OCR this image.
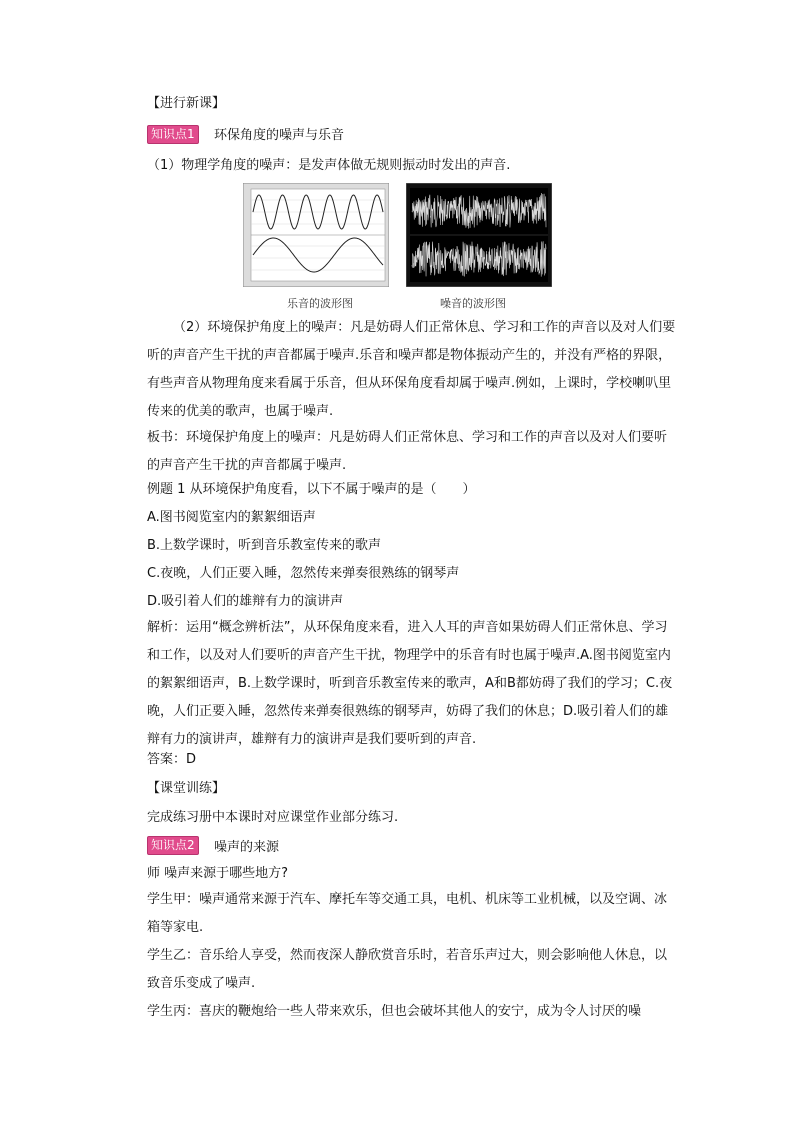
【进行新课】
知识点1	环保角度的噪声与乐音
（1）物理学角度的噪声：是发声体做无规则振动时发出的声音.
乐音的波形图	噪音的波形图
（2）环境保护角度上的噪声：凡是妨碍人们正常休息、学习和工作的声音以及对人们要听的声音产生干扰的声音都属于噪声.乐音和噪声都是物体振动产生的，并没有严格的界限，有些声音从物理角度来看属于乐音，但从环保角度看却属于噪声.例如，上课时，学校喇叭里传来的优美的歌声，也属于噪声.
板书：环境保护角度上的噪声：凡是妨碍人们正常休息、学习和工作的声音以及对人们要听的声音产生干扰的声音都属于噪声.
例题 1 从环境保护角度看，以下不属于噪声的是（　　）
A.图书阅览室内的絮絮细语声
B.上数学课时，听到音乐教室传来的歌声
C.夜晚，人们正要入睡，忽然传来弹奏很熟练的钢琴声
D.吸引着人们的雄辩有力的演讲声
解析：运用“概念辨析法”，从环保角度来看，进入人耳的声音如果妨碍人们正常休息、学习和工作，以及对人们要听的声音产生干扰，物理学中的乐音有时也属于噪声.A.图书阅览室内的絮絮细语声，B.上数学课时，听到音乐教室传来的歌声，A和B都妨碍了我们的学习；C.夜晚，人们正要入睡，忽然传来弹奏很熟练的钢琴声，妨碍了我们的休息；D.吸引着人们的雄辩有力的演讲声，雄辩有力的演讲声是我们要听到的声音.
答案：D
【课堂训练】
完成练习册中本课时对应课堂作业部分练习.
知识点2	噪声的来源
师 噪声来源于哪些地方?
学生甲：噪声通常来源于汽车、摩托车等交通工具，电机、机床等工业机械，以及空调、冰箱等家电.
学生乙：音乐给人享受，然而夜深人静欣赏音乐时，若音乐声过大，则会影响他人休息，以致音乐变成了噪声.
学生丙：喜庆的鞭炮给一些人带来欢乐，但也会破坏其他人的安宁，成为令人讨厌的噪
